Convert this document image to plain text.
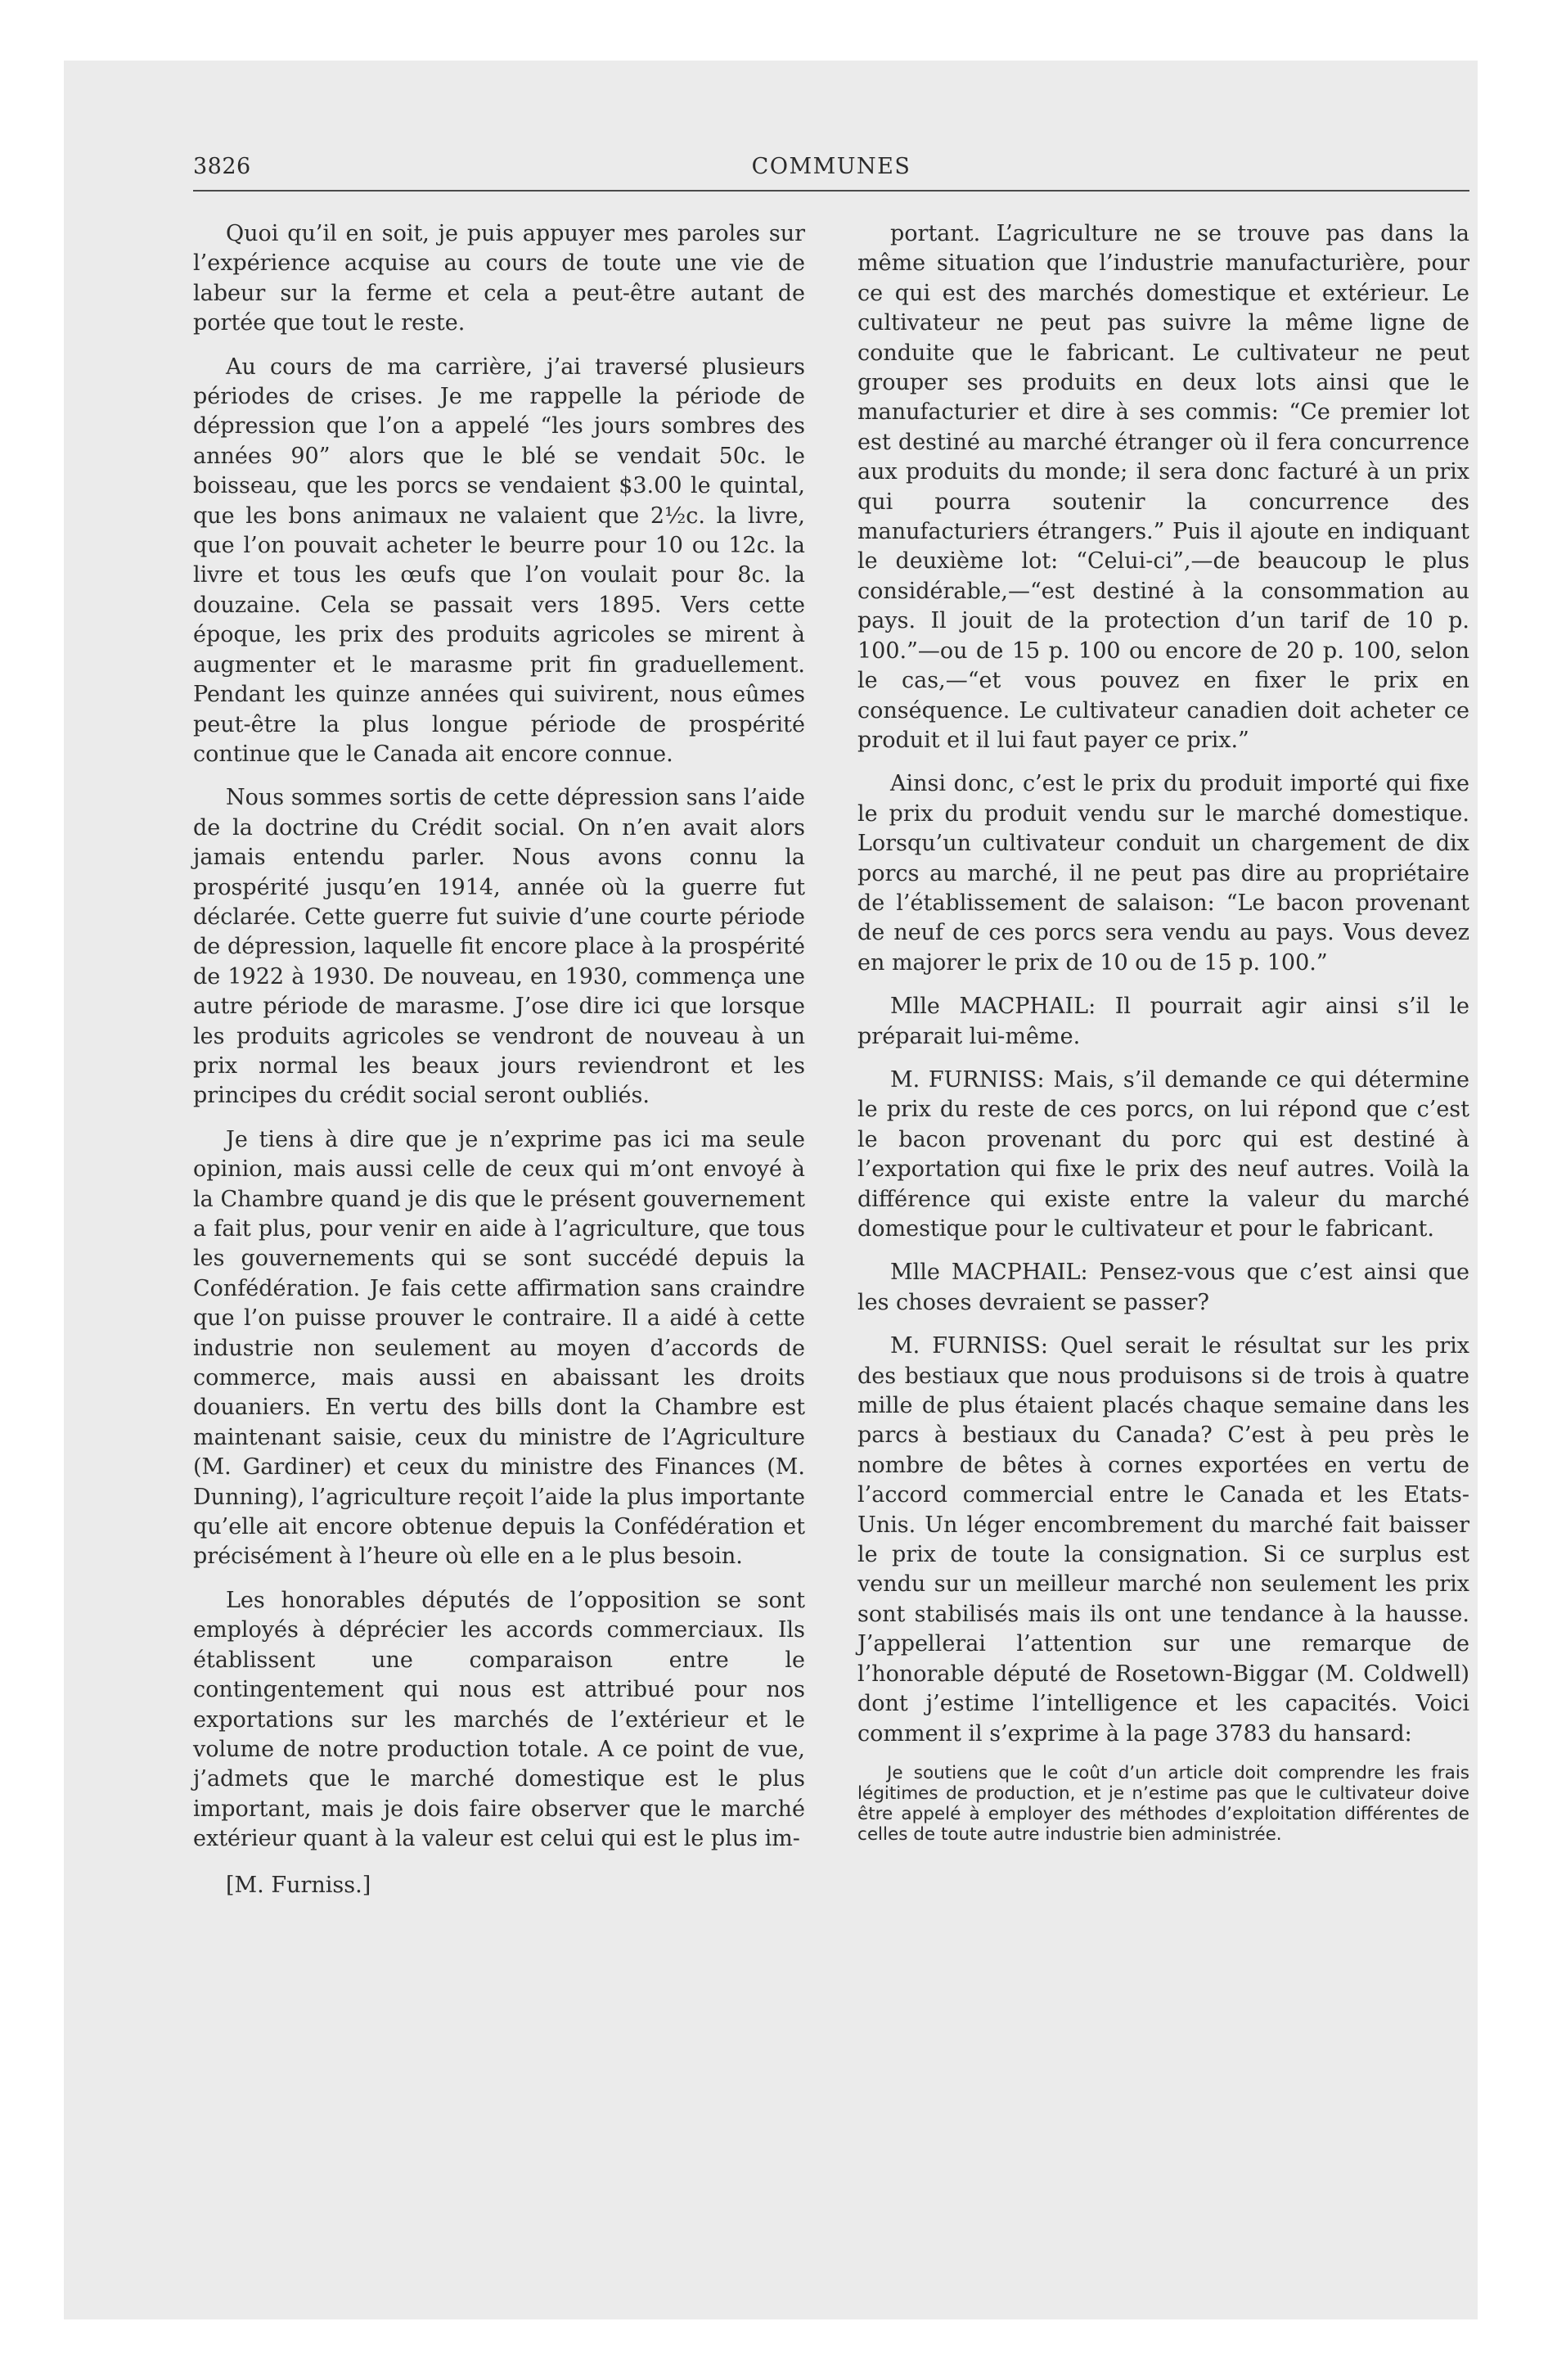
3826	COMMUNES

Quoi qu’il en soit, je puis appuyer mes paroles sur l’expérience acquise au cours de toute une vie de labeur sur la ferme et cela a peut-être autant de portée que tout le reste.

Au cours de ma carrière, j’ai traversé plusieurs périodes de crises. Je me rappelle la période de dépression que l’on a appelé “les jours sombres des années 90” alors que le blé se vendait 50c. le boisseau, que les porcs se vendaient $3.00 le quintal, que les bons animaux ne valaient que 2½c. la livre, que l’on pouvait acheter le beurre pour 10 ou 12c. la livre et tous les œufs que l’on voulait pour 8c. la douzaine. Cela se passait vers 1895. Vers cette époque, les prix des produits agricoles se mirent à augmenter et le marasme prit fin graduellement. Pendant les quinze années qui suivirent, nous eûmes peut-être la plus longue période de prospérité continue que le Canada ait encore connue.

Nous sommes sortis de cette dépression sans l’aide de la doctrine du Crédit social. On n’en avait alors jamais entendu parler. Nous avons connu la prospérité jusqu’en 1914, année où la guerre fut déclarée. Cette guerre fut suivie d’une courte période de dépression, laquelle fit encore place à la prospérité de 1922 à 1930. De nouveau, en 1930, commença une autre période de marasme. J’ose dire ici que lorsque les produits agricoles se vendront de nouveau à un prix normal les beaux jours reviendront et les principes du crédit social seront oubliés.

Je tiens à dire que je n’exprime pas ici ma seule opinion, mais aussi celle de ceux qui m’ont envoyé à la Chambre quand je dis que le présent gouvernement a fait plus, pour venir en aide à l’agriculture, que tous les gouvernements qui se sont succédé depuis la Confédération. Je fais cette affirmation sans craindre que l’on puisse prouver le contraire. Il a aidé à cette industrie non seulement au moyen d’accords de commerce, mais aussi en abaissant les droits douaniers. En vertu des bills dont la Chambre est maintenant saisie, ceux du ministre de l’Agriculture (M. Gardiner) et ceux du ministre des Finances (M. Dunning), l’agriculture reçoit l’aide la plus importante qu’elle ait encore obtenue depuis la Confédération et précisément à l’heure où elle en a le plus besoin.

Les honorables députés de l’opposition se sont employés à déprécier les accords commerciaux. Ils établissent une comparaison entre le contingentement qui nous est attribué pour nos exportations sur les marchés de l’extérieur et le volume de notre production totale. A ce point de vue, j’admets que le marché domestique est le plus important, mais je dois faire observer que le marché extérieur quant à la valeur est celui qui est le plus im-

[M. Furniss.]

portant. L’agriculture ne se trouve pas dans la même situation que l’industrie manufacturière, pour ce qui est des marchés domestique et extérieur. Le cultivateur ne peut pas suivre la même ligne de conduite que le fabricant. Le cultivateur ne peut grouper ses produits en deux lots ainsi que le manufacturier et dire à ses commis: “Ce premier lot est destiné au marché étranger où il fera concurrence aux produits du monde; il sera donc facturé à un prix qui pourra soutenir la concurrence des manufacturiers étrangers.” Puis il ajoute en indiquant le deuxième lot: “Celui-ci”,—de beaucoup le plus considérable,—“est destiné à la consommation au pays. Il jouit de la protection d’un tarif de 10 p. 100.”—ou de 15 p. 100 ou encore de 20 p. 100, selon le cas,—“et vous pouvez en fixer le prix en conséquence. Le cultivateur canadien doit acheter ce produit et il lui faut payer ce prix.”

Ainsi donc, c’est le prix du produit importé qui fixe le prix du produit vendu sur le marché domestique. Lorsqu’un cultivateur conduit un chargement de dix porcs au marché, il ne peut pas dire au propriétaire de l’établissement de salaison: “Le bacon provenant de neuf de ces porcs sera vendu au pays. Vous devez en majorer le prix de 10 ou de 15 p. 100.”

Mlle MACPHAIL: Il pourrait agir ainsi s’il le préparait lui-même.

M. FURNISS: Mais, s’il demande ce qui détermine le prix du reste de ces porcs, on lui répond que c’est le bacon provenant du porc qui est destiné à l’exportation qui fixe le prix des neuf autres. Voilà la différence qui existe entre la valeur du marché domestique pour le cultivateur et pour le fabricant.

Mlle MACPHAIL: Pensez-vous que c’est ainsi que les choses devraient se passer?

M. FURNISS: Quel serait le résultat sur les prix des bestiaux que nous produisons si de trois à quatre mille de plus étaient placés chaque semaine dans les parcs à bestiaux du Canada? C’est à peu près le nombre de bêtes à cornes exportées en vertu de l’accord commercial entre le Canada et les Etats-Unis. Un léger encombrement du marché fait baisser le prix de toute la consignation. Si ce surplus est vendu sur un meilleur marché non seulement les prix sont stabilisés mais ils ont une tendance à la hausse. J’appellerai l’attention sur une remarque de l’honorable député de Rosetown-Biggar (M. Coldwell) dont j’estime l’intelligence et les capacités. Voici comment il s’exprime à la page 3783 du hansard:

Je soutiens que le coût d’un article doit comprendre les frais légitimes de production, et je n’estime pas que le cultivateur doive être appelé à employer des méthodes d’exploitation différentes de celles de toute autre industrie bien administrée.
